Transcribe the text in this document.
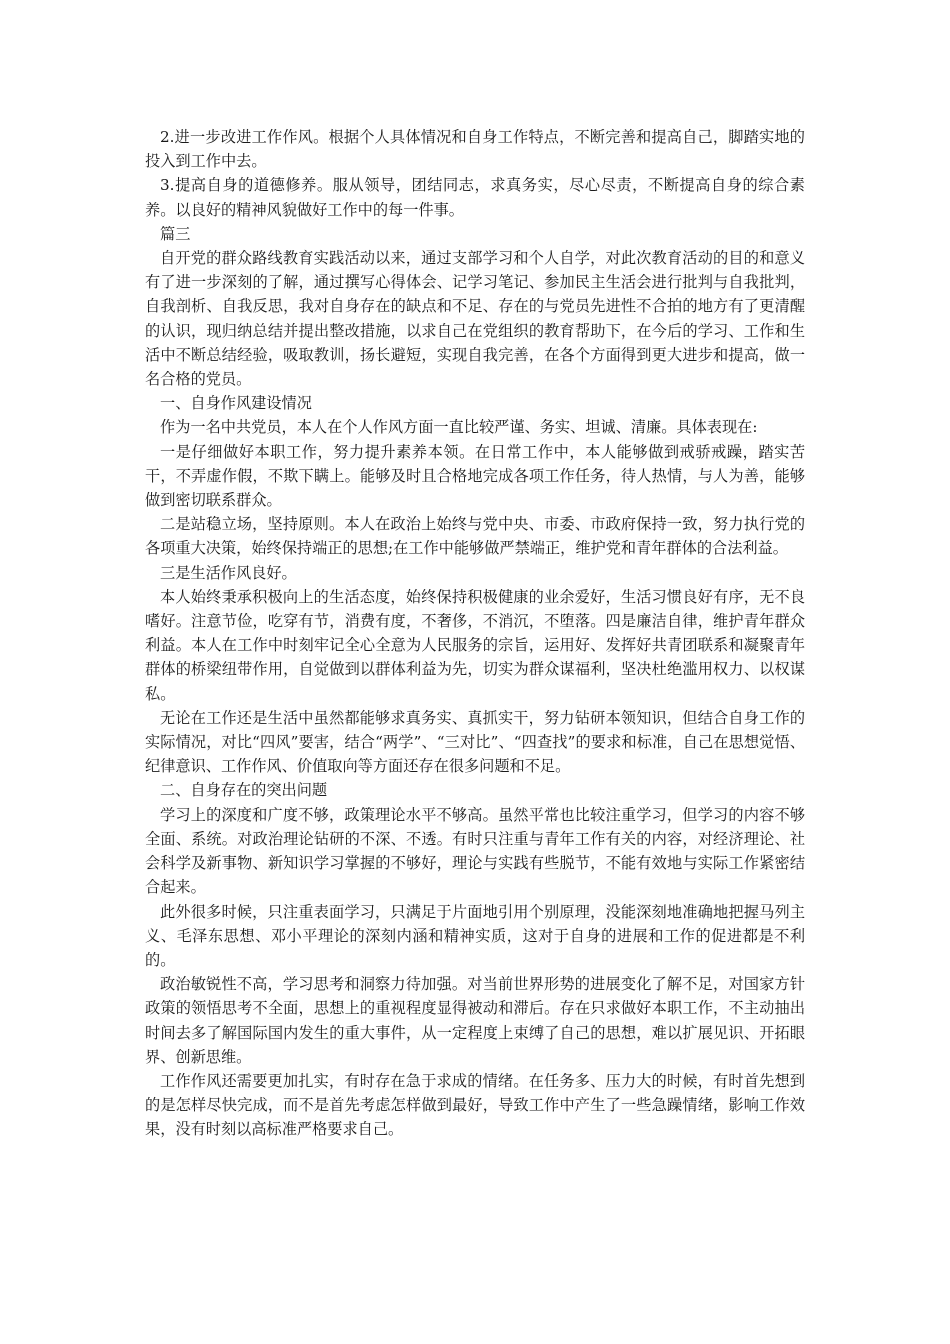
2.进一步改进工作作风。根据个人具体情况和自身工作特点，不断完善和提高自己，脚踏实地的投入到工作中去。

3.提高自身的道德修养。服从领导，团结同志，求真务实，尽心尽责，不断提高自身的综合素养。以良好的精神风貌做好工作中的每一件事。

篇三

自开党的群众路线教育实践活动以来，通过支部学习和个人自学，对此次教育活动的目的和意义有了进一步深刻的了解，通过撰写心得体会、记学习笔记、参加民主生活会进行批判与自我批判，自我剖析、自我反思，我对自身存在的缺点和不足、存在的与党员先进性不合拍的地方有了更清醒的认识，现归纳总结并提出整改措施，以求自己在党组织的教育帮助下，在今后的学习、工作和生活中不断总结经验，吸取教训，扬长避短，实现自我完善，在各个方面得到更大进步和提高，做一名合格的党员。

一、自身作风建设情况

作为一名中共党员，本人在个人作风方面一直比较严谨、务实、坦诚、清廉。具体表现在:

一是仔细做好本职工作，努力提升素养本领。在日常工作中，本人能够做到戒骄戒躁，踏实苦干，不弄虚作假，不欺下瞒上。能够及时且合格地完成各项工作任务，待人热情，与人为善，能够做到密切联系群众。

二是站稳立场，坚持原则。本人在政治上始终与党中央、市委、市政府保持一致，努力执行党的各项重大决策，始终保持端正的思想;在工作中能够做严禁端正，维护党和青年群体的合法利益。

三是生活作风良好。

本人始终秉承积极向上的生活态度，始终保持积极健康的业余爱好，生活习惯良好有序，无不良嗜好。注意节俭，吃穿有节，消费有度，不奢侈，不消沉，不堕落。四是廉洁自律，维护青年群众利益。本人在工作中时刻牢记全心全意为人民服务的宗旨，运用好、发挥好共青团联系和凝聚青年群体的桥梁纽带作用，自觉做到以群体利益为先，切实为群众谋福利，坚决杜绝滥用权力、以权谋私。

无论在工作还是生活中虽然都能够求真务实、真抓实干，努力钻研本领知识，但结合自身工作的实际情况，对比“四风”要害，结合“两学”、“三对比”、“四查找”的要求和标准，自己在思想觉悟、纪律意识、工作作风、价值取向等方面还存在很多问题和不足。

二、自身存在的突出问题

学习上的深度和广度不够，政策理论水平不够高。虽然平常也比较注重学习，但学习的内容不够全面、系统。对政治理论钻研的不深、不透。有时只注重与青年工作有关的内容，对经济理论、社会科学及新事物、新知识学习掌握的不够好，理论与实践有些脱节，不能有效地与实际工作紧密结合起来。

此外很多时候，只注重表面学习，只满足于片面地引用个别原理，没能深刻地准确地把握马列主义、毛泽东思想、邓小平理论的深刻内涵和精神实质，这对于自身的进展和工作的促进都是不利的。

政治敏锐性不高，学习思考和洞察力待加强。对当前世界形势的进展变化了解不足，对国家方针政策的领悟思考不全面，思想上的重视程度显得被动和滞后。存在只求做好本职工作，不主动抽出时间去多了解国际国内发生的重大事件，从一定程度上束缚了自己的思想，难以扩展见识、开拓眼界、创新思维。

工作作风还需要更加扎实，有时存在急于求成的情绪。在任务多、压力大的时候，有时首先想到的是怎样尽快完成，而不是首先考虑怎样做到最好，导致工作中产生了一些急躁情绪，影响工作效果，没有时刻以高标准严格要求自己。
